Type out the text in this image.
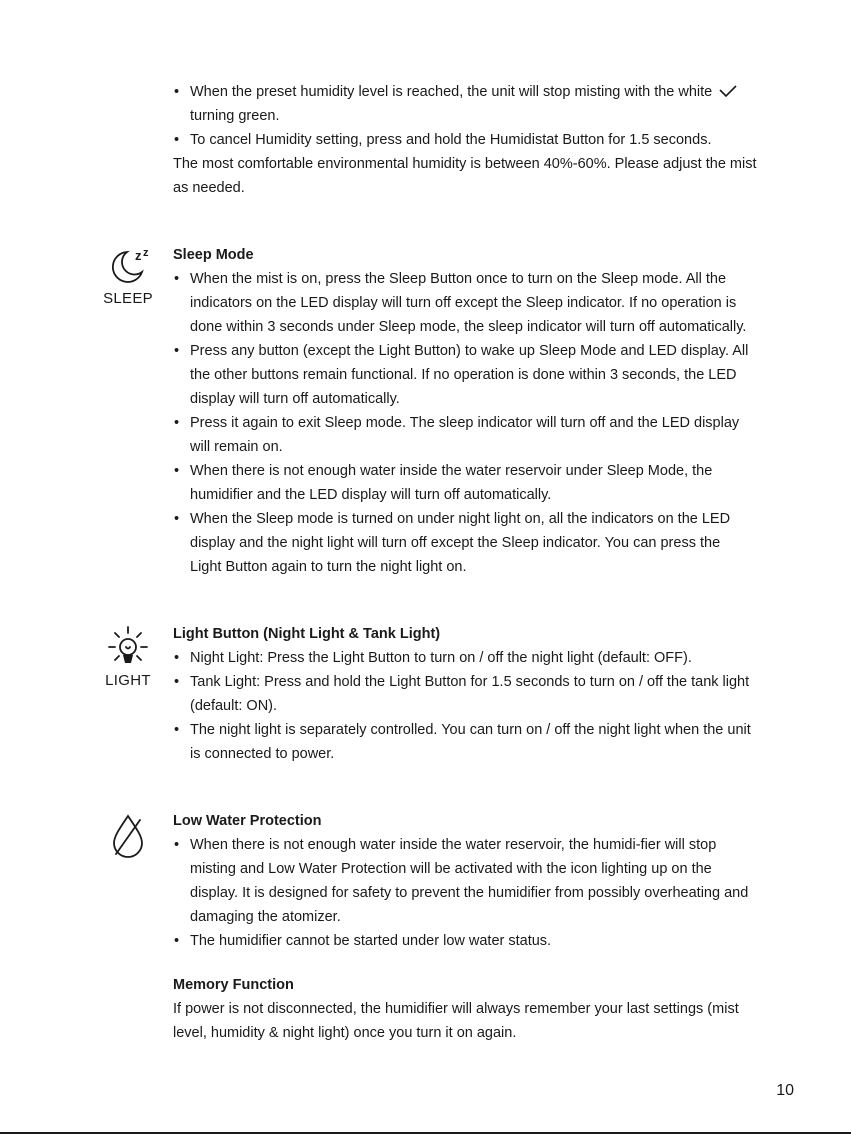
• When the preset humidity level is reached, the unit will stop misting with the white turning green.
• To cancel Humidity setting, press and hold the Humidistat Button for 1.5 seconds.

The most comfortable environmental humidity is between 40%-60%. Please adjust the mist as needed.

z z
SLEEP

Sleep Mode

• When the mist is on, press the Sleep Button once to turn on the Sleep mode. All the indicators on the LED display will turn off except the Sleep indicator. If no operation is done within 3 seconds under Sleep mode, the sleep indicator will turn off automatically.
• Press any button (except the Light Button) to wake up Sleep Mode and LED display. All the other buttons remain functional. If no operation is done within 3 seconds, the LED display will turn off automatically.
• Press it again to exit Sleep mode. The sleep indicator will turn off and the LED display will remain on.
• When there is not enough water inside the water reservoir under Sleep Mode, the humidifier and the LED display will turn off automatically.
• When the Sleep mode is turned on under night light on, all the indicators on the LED display and the night light will turn off except the Sleep indicator. You can press the Light Button again to turn the night light on.
LIGHT

Light Button (Night Light & Tank Light)

• Night Light: Press the Light Button to turn on / off the night light (default: OFF).
• Tank Light: Press and hold the Light Button for 1.5 seconds to turn on / off the tank light (default: ON).
• The night light is separately controlled. You can turn on / off the night light when the unit is connected to power.

Low Water Protection

• When there is not enough water inside the water reservoir, the humidi-fier will stop misting and Low Water Protection will be activated with the icon lighting up on the display. It is designed for safety to prevent the humidifier from possibly overheating and damaging the atomizer.
• The humidifier cannot be started under low water status.

Memory Function

If power is not disconnected, the humidifier will always remember your last settings (mist level, humidity & night light) once you turn it on again.

10
